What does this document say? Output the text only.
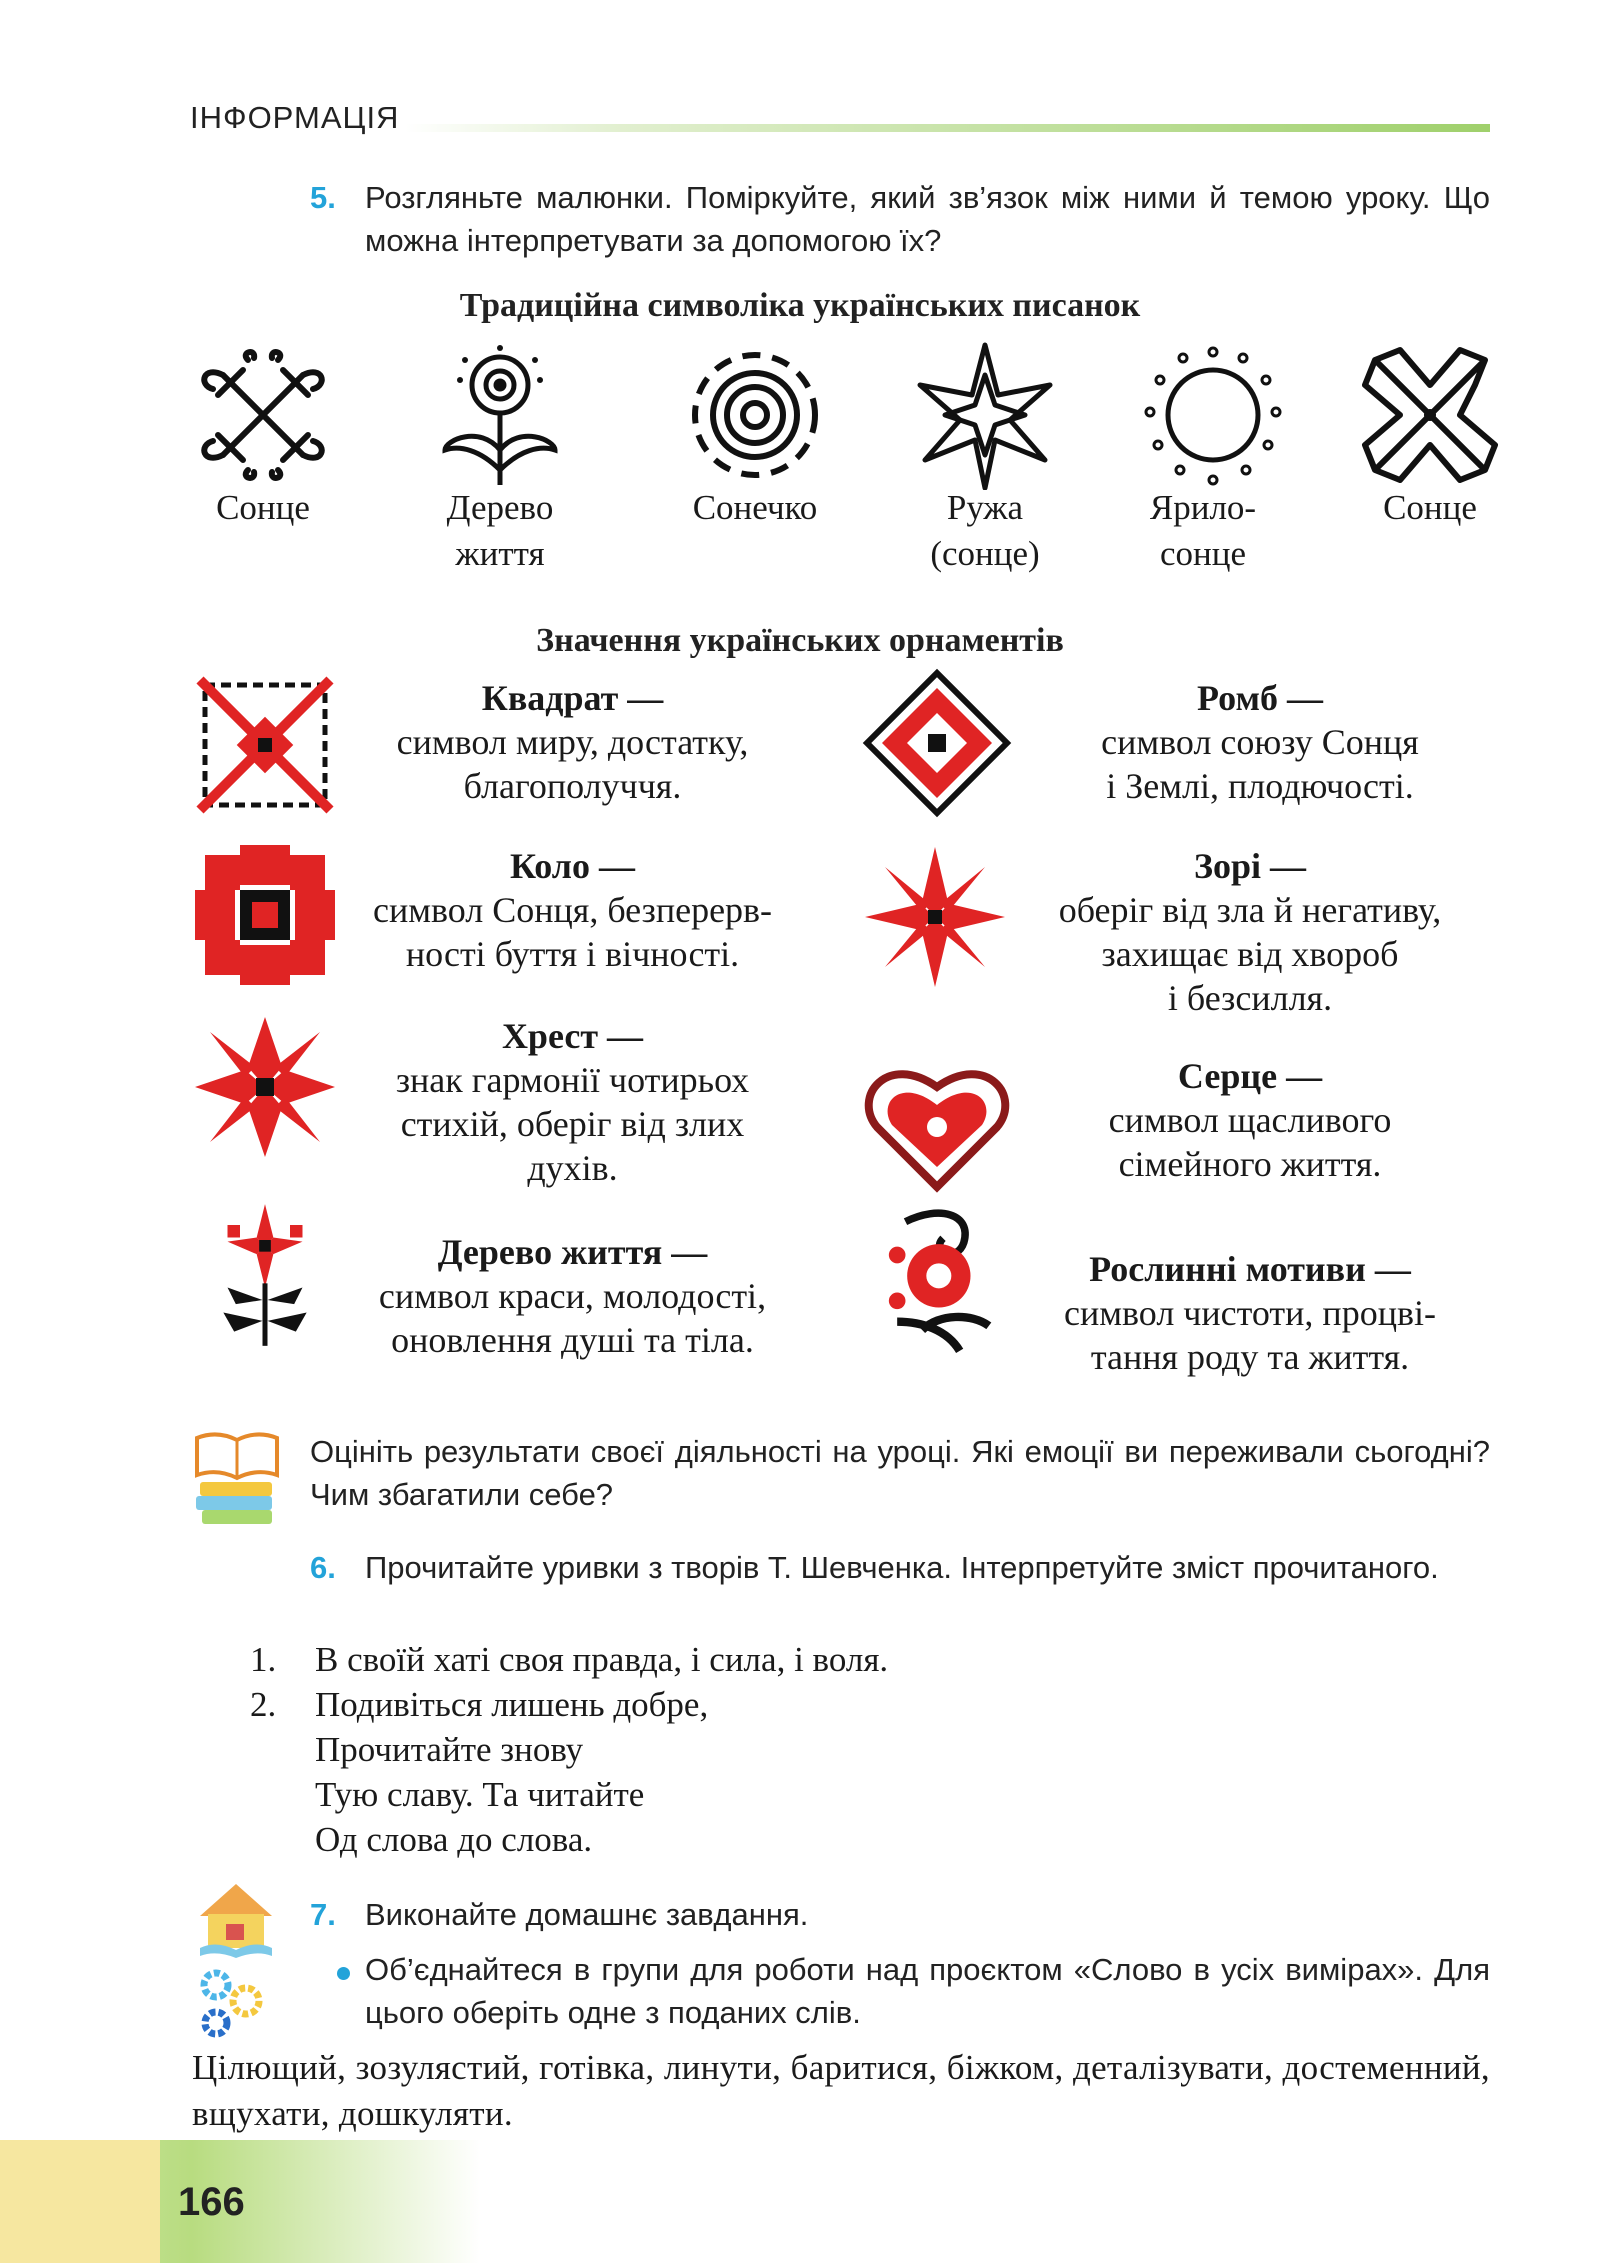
ІНФОРМАЦІЯ
5. Розгляньте малюнки. Поміркуйте, який зв’язок між ними й темою уроку. Що можна інтерпретувати за допомогою їх?
Традиційна символіка українських писанок
Сонце	Дерево
життя
Сонечко	Ружа
(сонце)
Ярило-
сонце
Сонце
Значення українських орнаментів
Квадрат —
символ миру, достатку,
благополуччя.
Ромб —
символ союзу Сонця
і Землі, плодючості.
Коло —
символ Сонця, безперерв-
ності буття і вічності.
Зорі —
оберіг від зла й негативу,
захищає від хвороб
і безсилля.
Хрест —
знак гармонії чотирьох
стихій, оберіг від злих
духів.
Серце —
символ щасливого
сімейного життя.
Дерево життя —
символ краси, молодості,
оновлення душі та тіла.
Рослинні мотиви —
символ чистоти, процві-
тання роду та життя.
Оцініть результати своєї діяльності на уроці. Які емоції ви переживали сьогодні? Чим збагатили себе?
6. Прочитайте уривки з творів Т. Шевченка. Інтерпретуйте зміст прочитаного.
1. В своїй хаті своя правда, і сила, і воля.
2. Подивіться лишень добре,
Прочитайте знову
Тую славу. Та читайте
Од слова до слова.
7. Виконайте домашнє завдання.
Об’єднайтеся в групи для роботи над проєктом «Слово в усіх вимірах». Для цього оберіть одне з поданих слів.
Цілющий, зозулястий, готівка, линути, баритися, біжком, деталізувати, достеменний, вщухати, дошкуляти.
166
